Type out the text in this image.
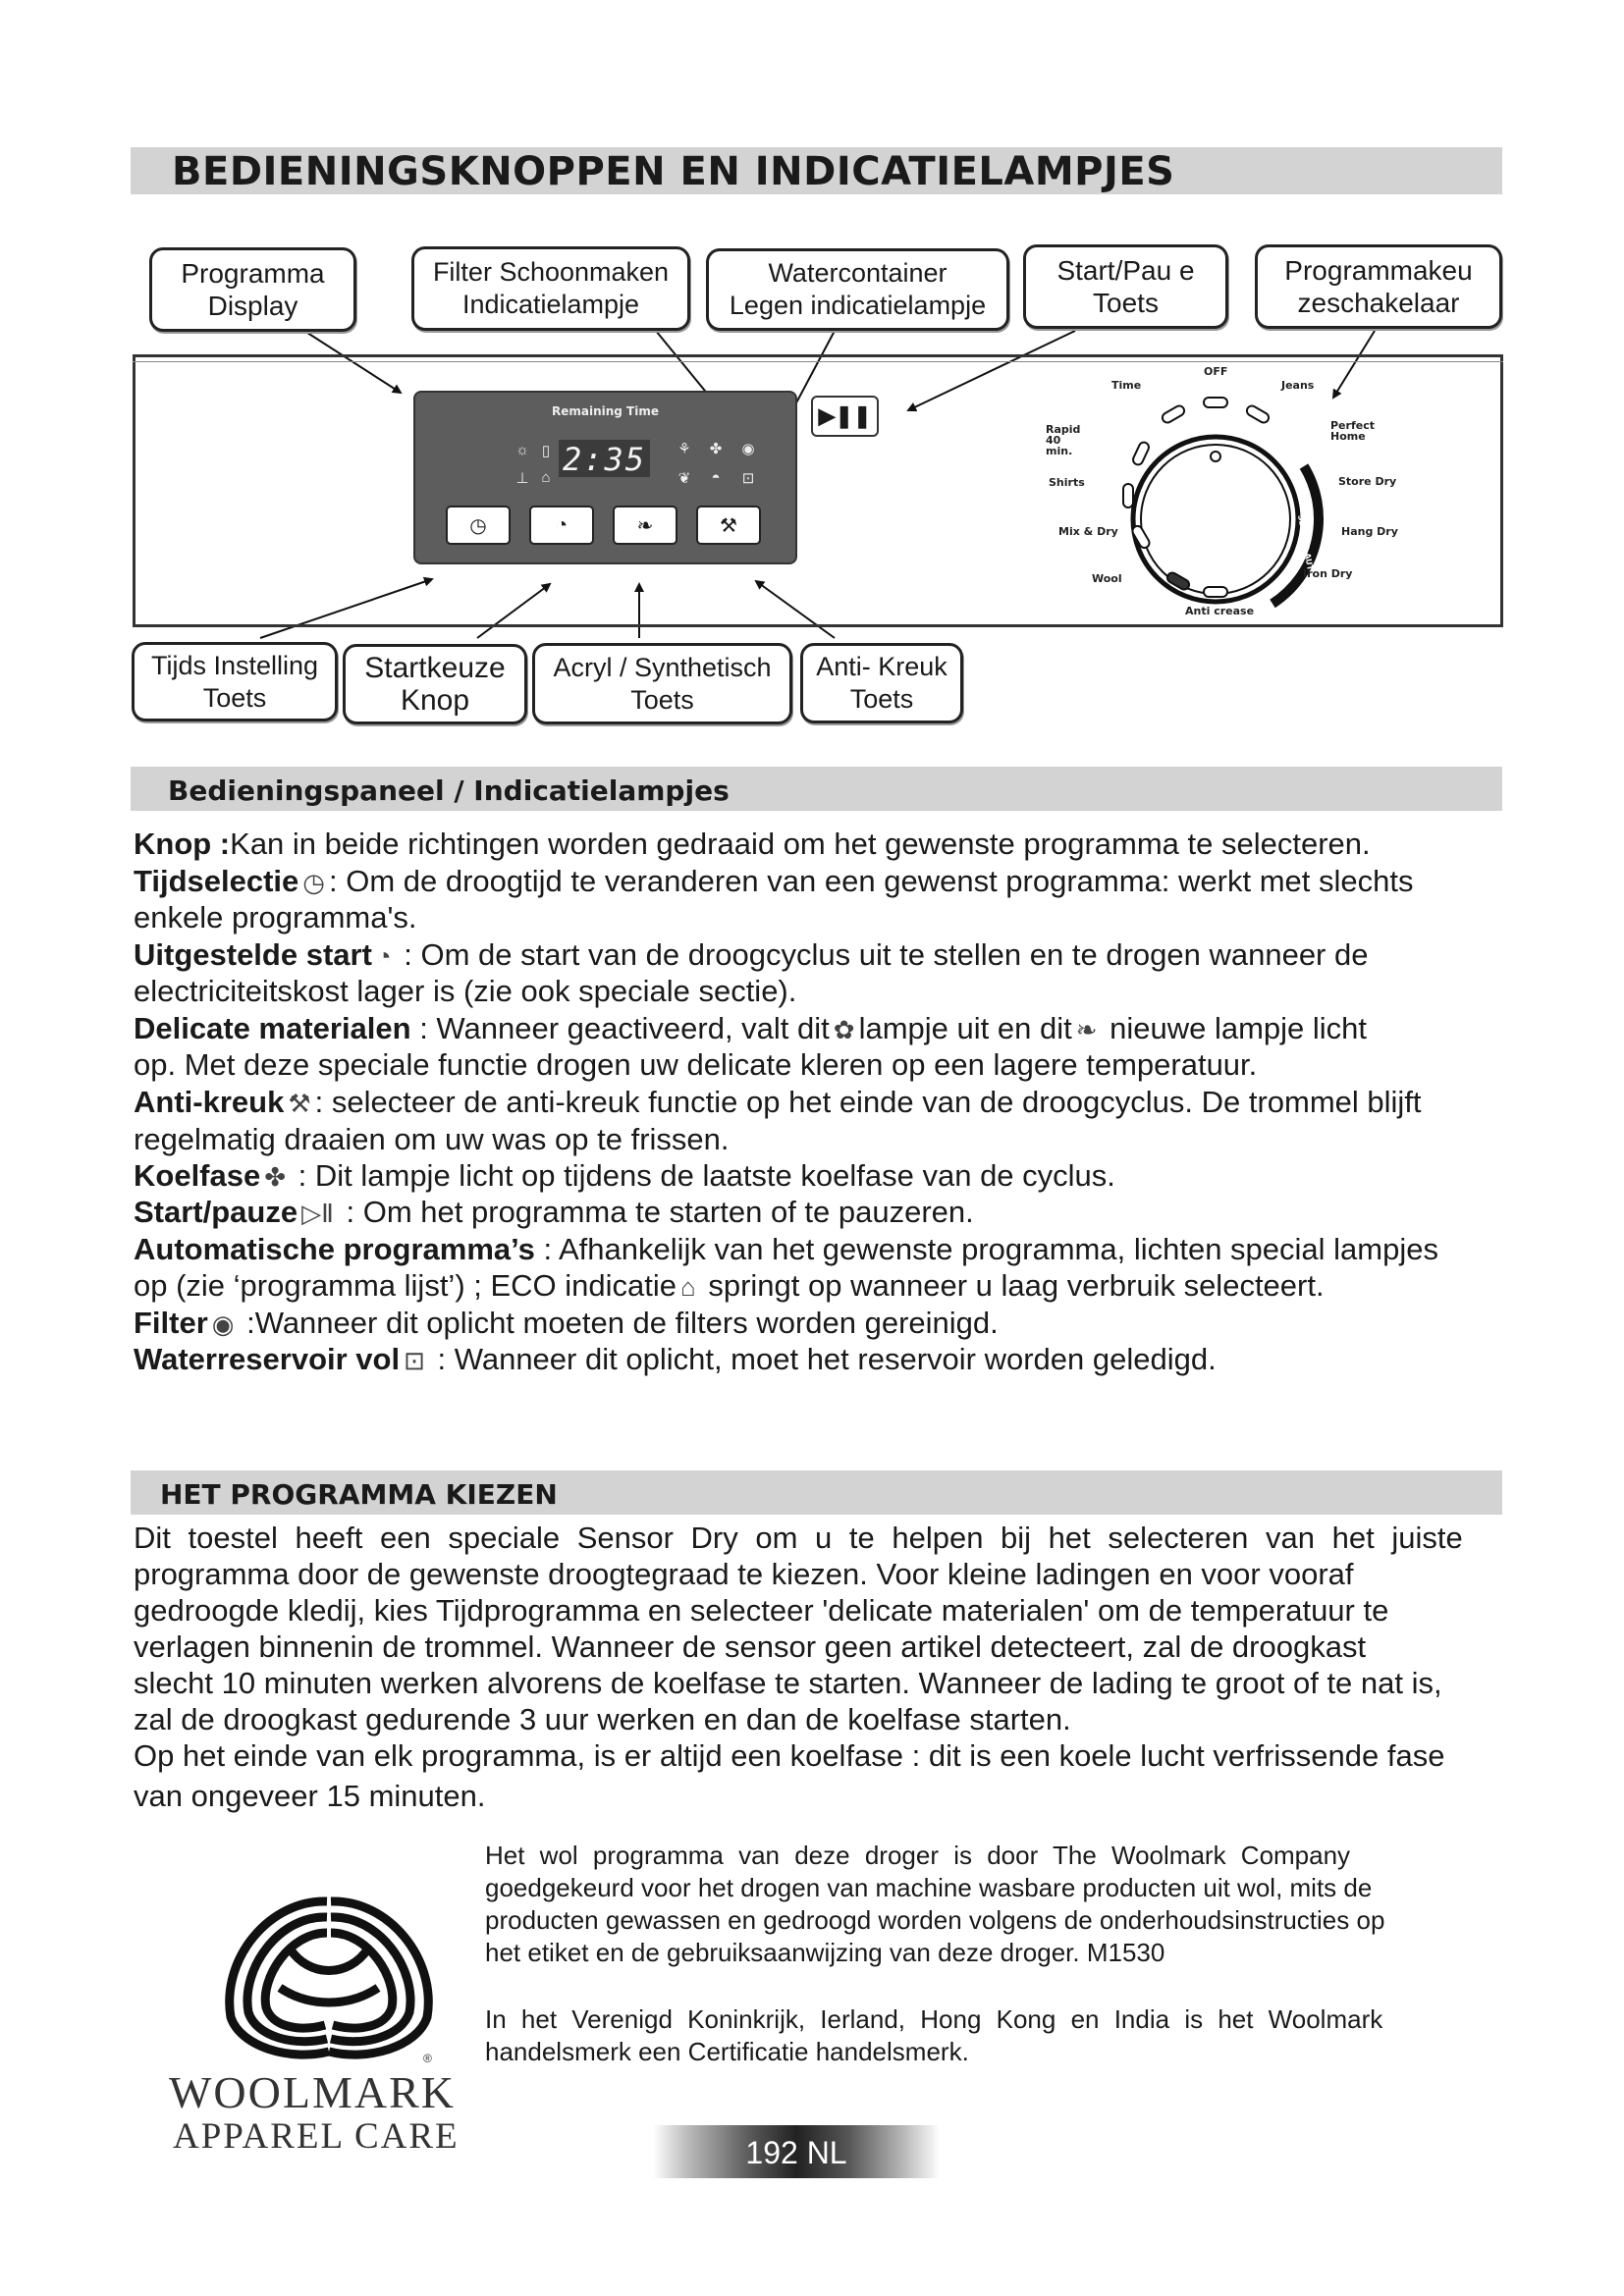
BEDIENINGSKNOPPEN EN INDICATIELAMPJES
Programma
Display
Filter Schoonmaken
Indicatielampje
Watercontainer
Legen indicatielampje
Start/Pau e
Toets
Programmakeu
zeschakelaar
Remaining Time
2:35
☼ ▯
⊥ ⌂
⚘ ✤ ◉
❦ ◓ ⊡
◷	◔	❧	⚒
▶❚❚
SENSOR AUTO
OFF
Jeans
Perfect Home
Store Dry
Hang Dry
Iron Dry
Anti crease
Wool
Mix & Dry
Shirts
Rapid 40 min.
Time
Tijds Instelling
Toets
Startkeuze
Knop
Acryl / Synthetisch
Toets
Anti- Kreuk
Toets
Bedieningspaneel / Indicatielampjes
Knop :Kan in beide richtingen worden gedraaid om het gewenste programma te selecteren.
Tijdselectie ◷ : Om de droogtijd te veranderen van een gewenst programma: werkt met slechts
enkele programma's.
Uitgestelde start ◔ : Om de start van de droogcyclus uit te stellen en te drogen wanneer de
electriciteitskost lager is (zie ook speciale sectie).
Delicate materialen : Wanneer geactiveerd, valt dit ✿ lampje uit en dit ❧ nieuwe lampje licht
op. Met deze speciale functie drogen uw delicate kleren op een lagere temperatuur.
Anti-kreuk ⚒ : selecteer de anti-kreuk functie op het einde van de droogcyclus. De trommel blijft
regelmatig draaien om uw was op te frissen.
Koelfase ✤ : Dit lampje licht op tijdens de laatste koelfase van de cyclus.
Start/pauze ▷Ⅱ : Om het programma te starten of te pauzeren.
Automatische programma’s : Afhankelijk van het gewenste programma, lichten special lampjes
op (zie ‘programma lijst’) ; ECO indicatie ⌂ springt op wanneer u laag verbruik selecteert.
Filter ◉ :Wanneer dit oplicht moeten de filters worden gereinigd.
Waterreservoir vol ⊡ : Wanneer dit oplicht, moet het reservoir worden geledigd.
HET PROGRAMMA KIEZEN
Dit toestel heeft een speciale Sensor Dry om u te helpen bij het selecteren van het juiste
programma door de gewenste droogtegraad te kiezen. Voor kleine ladingen en voor vooraf
gedroogde kledij, kies Tijdprogramma en selecteer 'delicate materialen' om de temperatuur te
verlagen binnenin de trommel. Wanneer de sensor geen artikel detecteert, zal de droogkast
slecht 10 minuten werken alvorens de koelfase te starten. Wanneer de lading te groot of te nat is,
zal de droogkast gedurende 3 uur werken en dan de koelfase starten.
Op het einde van elk programma, is er altijd een koelfase : dit is een koele lucht verfrissende fase
van ongeveer 15 minuten.
®
WOOLMARK
APPAREL CARE
Het wol programma van deze droger is door The Woolmark Company
goedgekeurd voor het drogen van machine wasbare producten uit wol, mits de
producten gewassen en gedroogd worden volgens de onderhoudsinstructies op
het etiket en de gebruiksaanwijzing van deze droger. M1530
In het Verenigd Koninkrijk, Ierland, Hong Kong en India is het Woolmark
handelsmerk een Certificatie handelsmerk.
192 NL
